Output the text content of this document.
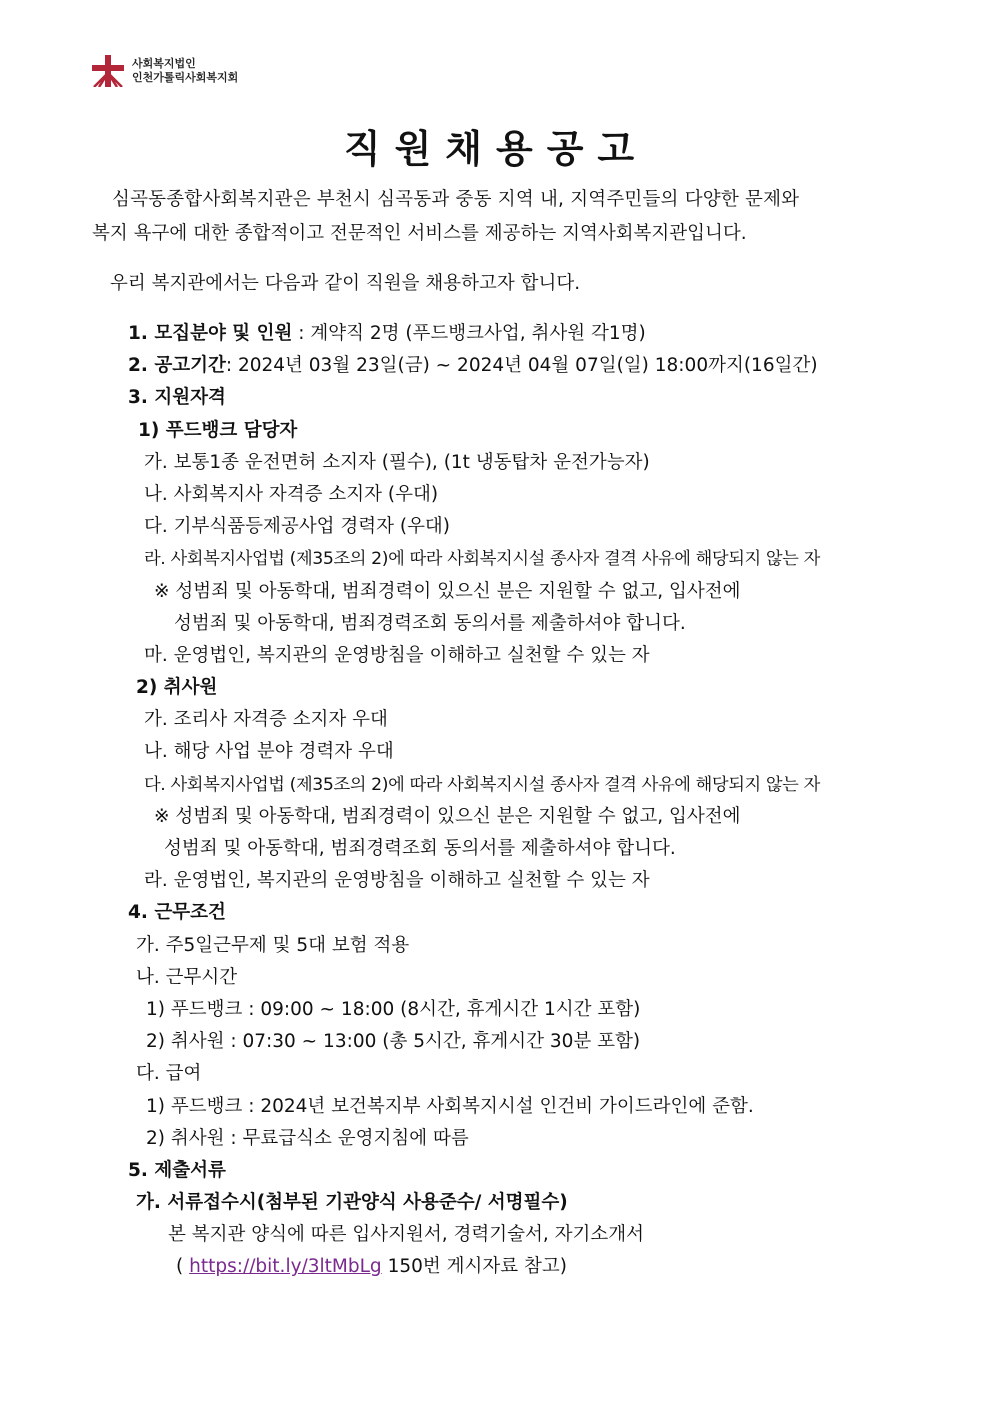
사회복지법인
인천가톨릭사회복지회
직원채용공고
심곡동종합사회복지관은 부천시 심곡동과 중동 지역 내, 지역주민들의 다양한 문제와
복지 욕구에 대한 종합적이고 전문적인 서비스를 제공하는 지역사회복지관입니다.
우리 복지관에서는 다음과 같이 직원을 채용하고자 합니다.
1. 모집분야 및 인원 : 계약직 2명 (푸드뱅크사업, 취사원 각1명)
2. 공고기간: 2024년 03월 23일(금) ~ 2024년 04월 07일(일) 18:00까지(16일간)
3. 지원자격
1) 푸드뱅크 담당자
가. 보통1종 운전면허 소지자 (필수), (1t 냉동탑차 운전가능자)
나. 사회복지사 자격증 소지자 (우대)
다. 기부식품등제공사업 경력자 (우대)
라. 사회복지사업법 (제35조의 2)에 따라 사회복지시설 종사자 결격 사유에 해당되지 않는 자
※ 성범죄 및 아동학대, 범죄경력이 있으신 분은 지원할 수 없고, 입사전에
성범죄 및 아동학대, 범죄경력조회 동의서를 제출하셔야 합니다.
마. 운영법인, 복지관의 운영방침을 이해하고 실천할 수 있는 자
2) 취사원
가. 조리사 자격증 소지자 우대
나. 해당 사업 분야 경력자 우대
다. 사회복지사업법 (제35조의 2)에 따라 사회복지시설 종사자 결격 사유에 해당되지 않는 자
※ 성범죄 및 아동학대, 범죄경력이 있으신 분은 지원할 수 없고, 입사전에
성범죄 및 아동학대, 범죄경력조회 동의서를 제출하셔야 합니다.
라. 운영법인, 복지관의 운영방침을 이해하고 실천할 수 있는 자
4. 근무조건
가. 주5일근무제 및 5대 보험 적용
나. 근무시간
1) 푸드뱅크 : 09:00 ~ 18:00 (8시간, 휴게시간 1시간 포함)
2) 취사원 : 07:30 ~ 13:00 (총 5시간, 휴게시간 30분 포함)
다. 급여
1) 푸드뱅크 : 2024년 보건복지부 사회복지시설 인건비 가이드라인에 준함.
2) 취사원 : 무료급식소 운영지침에 따름
5. 제출서류
가. 서류접수시(첨부된 기관양식 사용준수/ 서명필수)
본 복지관 양식에 따른 입사지원서, 경력기술서, 자기소개서
( https://bit.ly/3ltMbLg 150번 게시자료 참고)
